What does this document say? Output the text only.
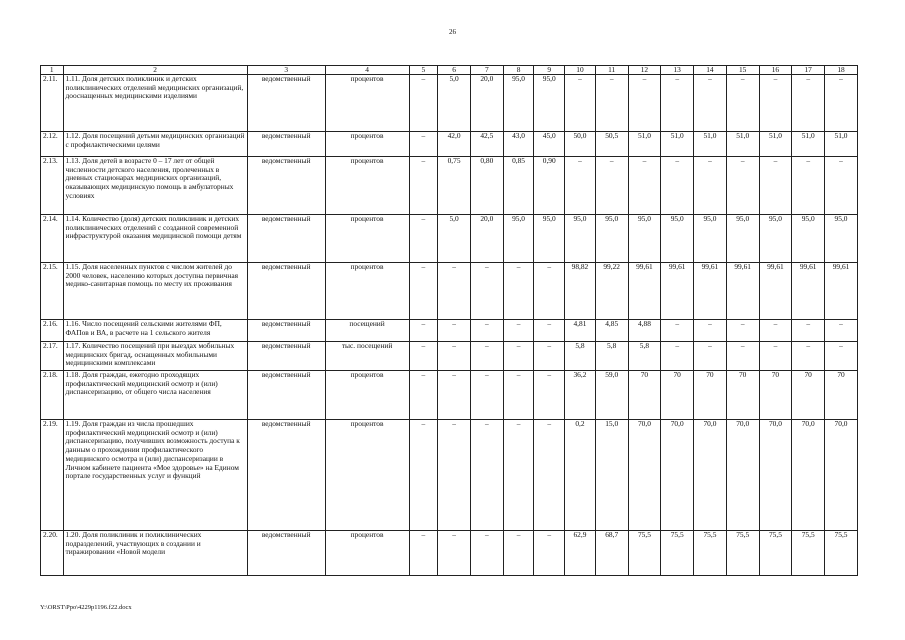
26
1	2	3	4	5	6	7	8	9	10	11	12	13	14	15	16	17	18
2.11.	1.11. Доля детских поликлиник и детских поликлинических отделений медицинских организаций, дооснащенных медицинскими изделиями	ведомственный	процентов	–	5,0	20,0	95,0	95,0	–	–	–	–	–	–	–	–	–
2.12.	1.12. Доля посещений детьми медицинских организаций с профилактическими целями	ведомственный	процентов	–	42,0	42,5	43,0	45,0	50,0	50,5	51,0	51,0	51,0	51,0	51,0	51,0	51,0
2.13.	1.13. Доля детей в возрасте 0 – 17 лет от общей численности детского населения, пролеченных в дневных стационарах медицинских организаций, оказывающих медицинскую помощь в амбулаторных условиях	ведомственный	процентов	–	0,75	0,80	0,85	0,90	–	–	–	–	–	–	–	–	–
2.14.	1.14. Количество (доля) детских поликлиник и детских поликлинических отделений с созданной современной инфраструктурой оказания медицинской помощи детям	ведомственный	процентов	–	5,0	20,0	95,0	95,0	95,0	95,0	95,0	95,0	95,0	95,0	95,0	95,0	95,0
2.15.	1.15. Доля населенных пунктов с числом жителей до 2000 человек, населению которых доступна первичная медико-санитарная помощь по месту их проживания	ведомственный	процентов	–	–	–	–	–	98,82	99,22	99,61	99,61	99,61	99,61	99,61	99,61	99,61
2.16.	1.16. Число посещений сельскими жителями ФП, ФАПов и ВА, в расчете на 1 сельского жителя	ведомственный	посещений	–	–	–	–	–	4,81	4,85	4,88	–	–	–	–	–	–
2.17.	1.17. Количество посещений при выездах мобильных медицинских бригад, оснащенных мобильными медицинскими комплексами	ведомственный	тыс. посещений	–	–	–	–	–	5,8	5,8	5,8	–	–	–	–	–	–
2.18.	1.18. Доля граждан, ежегодно проходящих профилактический медицинский осмотр и (или) диспансеризацию, от общего числа населения	ведомственный	процентов	–	–	–	–	–	36,2	59,0	70	70	70	70	70	70	70
2.19.	1.19. Доля граждан из числа прошедших профилактический медицинский осмотр и (или) диспансеризацию, получивших возможность доступа к данным о прохождении профилактического медицинского осмотра и (или) диспансеризации в Личном кабинете пациента «Мое здоровье» на Едином портале государственных услуг и функций	ведомственный	процентов	–	–	–	–	–	0,2	15,0	70,0	70,0	70,0	70,0	70,0	70,0	70,0
2.20.	1.20. Доля поликлиник и поликлинических подразделений, участвующих в создании и тиражировании «Новой модели	ведомственный	процентов	–	–	–	–	–	62,9	68,7	75,5	75,5	75,5	75,5	75,5	75,5	75,5
Y:\ORST\Ppo\4229p1196.f22.docx
